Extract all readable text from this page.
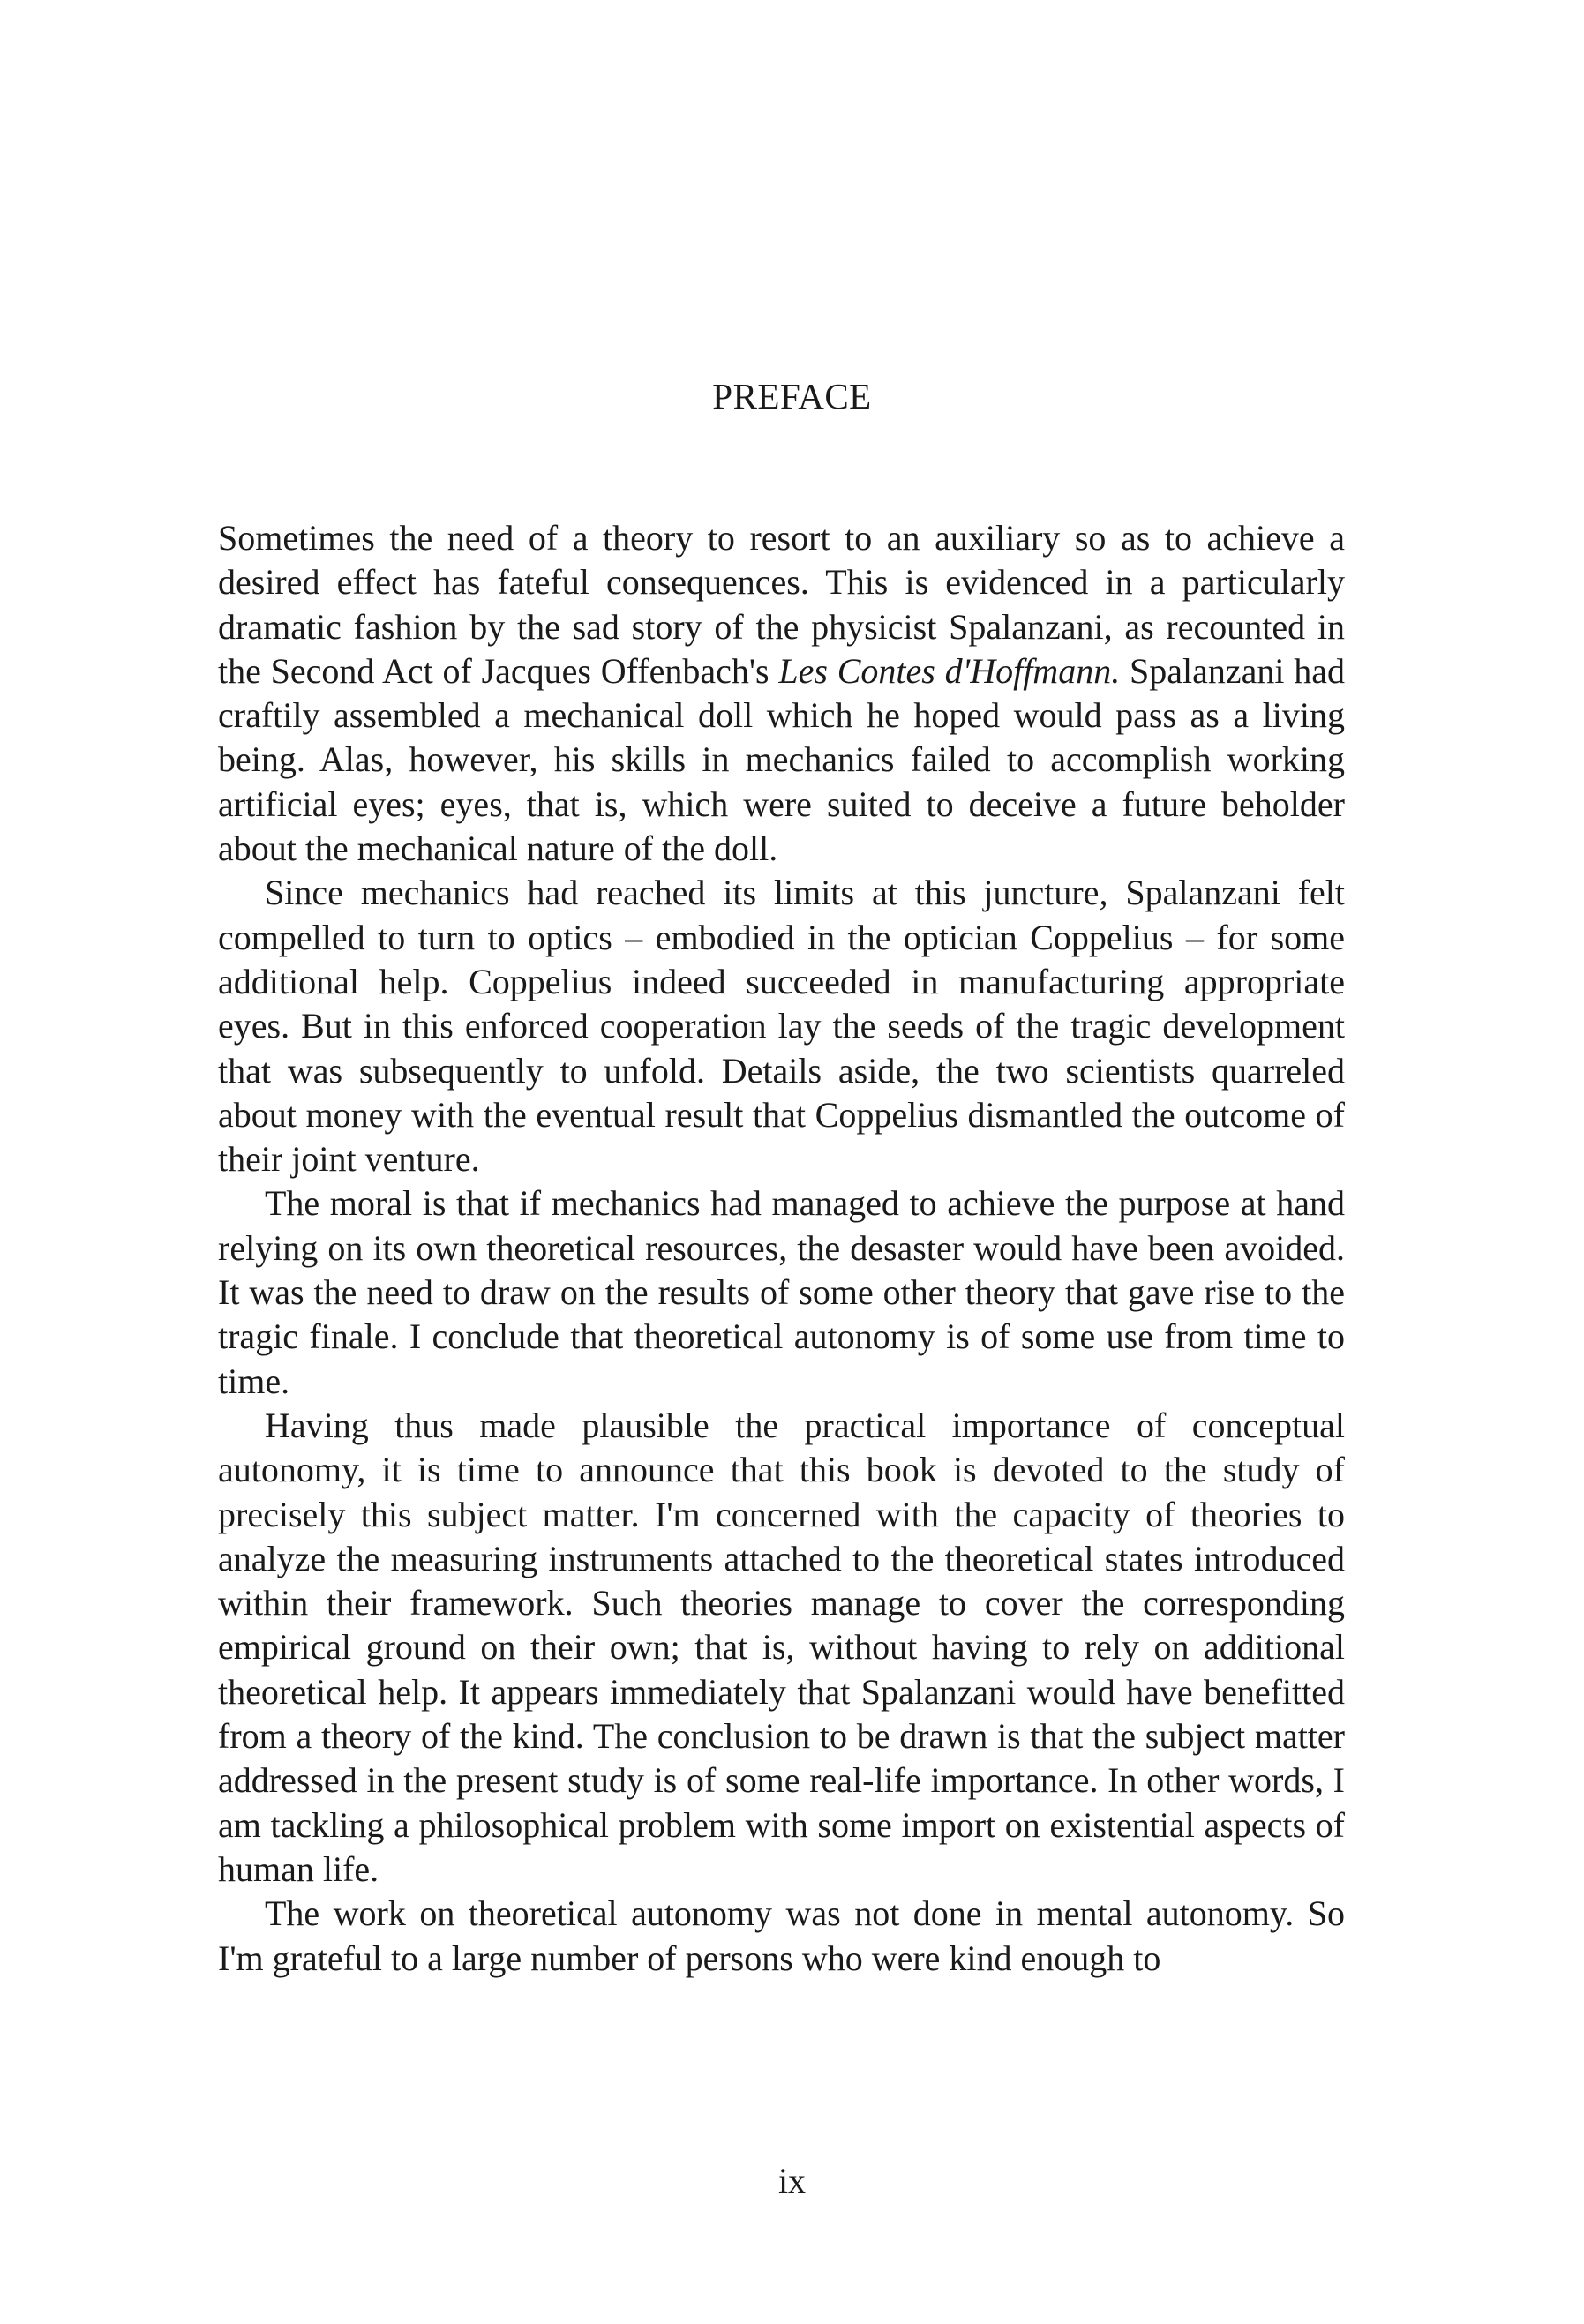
PREFACE

Sometimes the need of a theory to resort to an auxiliary so as to achieve a desired effect has fateful consequences. This is evidenced in a particularly dramatic fashion by the sad story of the physicist Spalanzani, as recounted in the Second Act of Jacques Offenbach's Les Contes d'Hoffmann. Spalanzani had craftily assembled a mechanical doll which he hoped would pass as a living being. Alas, however, his skills in mechanics failed to accomplish working artificial eyes; eyes, that is, which were suited to deceive a future beholder about the mechanical nature of the doll.

Since mechanics had reached its limits at this juncture, Spalanzani felt compelled to turn to optics – embodied in the optician Coppelius – for some additional help. Coppelius indeed succeeded in manufacturing appropriate eyes. But in this enforced cooperation lay the seeds of the tragic development that was subsequently to unfold. Details aside, the two scientists quarreled about money with the eventual result that Coppelius dismantled the outcome of their joint venture.

The moral is that if mechanics had managed to achieve the purpose at hand relying on its own theoretical resources, the desaster would have been avoided. It was the need to draw on the results of some other theory that gave rise to the tragic finale. I conclude that theoretical autonomy is of some use from time to time.

Having thus made plausible the practical importance of conceptual autonomy, it is time to announce that this book is devoted to the study of precisely this subject matter. I'm concerned with the capacity of theories to analyze the measuring instruments attached to the theoretical states introduced within their framework. Such theories manage to cover the corresponding empirical ground on their own; that is, without having to rely on additional theoretical help. It appears immediately that Spalanzani would have benefitted from a theory of the kind. The conclusion to be drawn is that the subject matter addressed in the present study is of some real-life importance. In other words, I am tackling a philosophical problem with some import on existential aspects of human life.

The work on theoretical autonomy was not done in mental autonomy. So I'm grateful to a large number of persons who were kind enough to

ix
